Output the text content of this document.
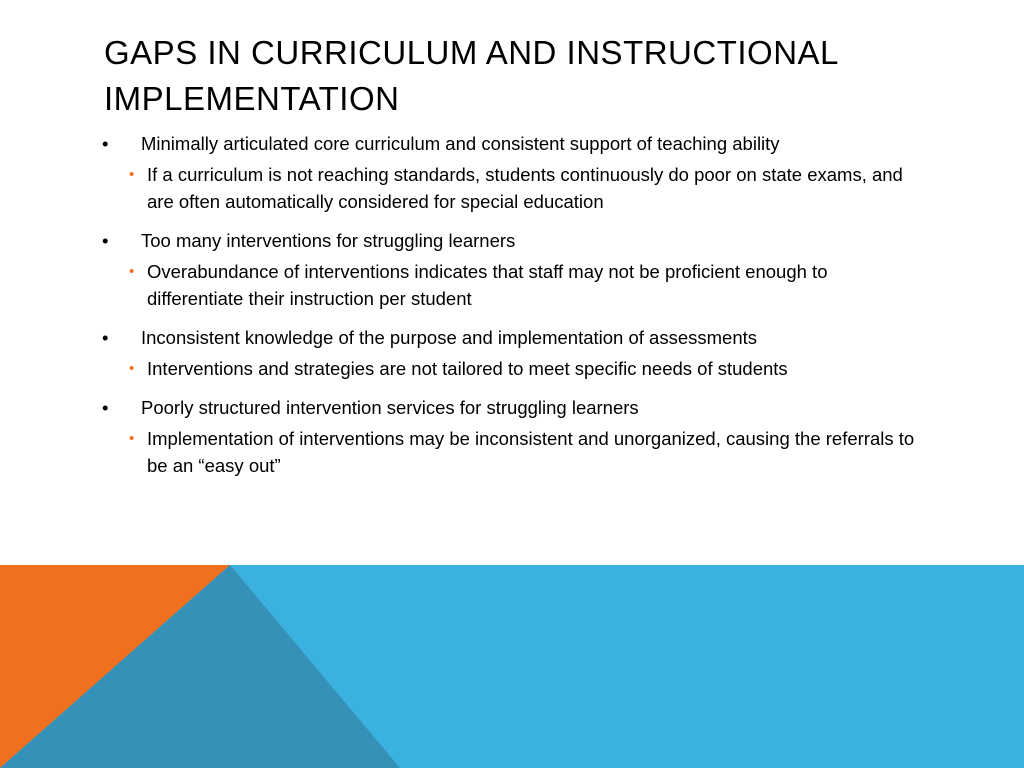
GAPS IN CURRICULUM AND INSTRUCTIONAL IMPLEMENTATION
• Minimally articulated core curriculum and consistent support of teaching ability
• If a curriculum is not reaching standards, students continuously do poor on state exams, and are often automatically considered for special education
• Too many interventions for struggling learners
• Overabundance of interventions indicates that staff may not be proficient enough to differentiate their instruction per student
• Inconsistent knowledge of the purpose and implementation of assessments
• Interventions and strategies are not tailored to meet specific needs of students
• Poorly structured intervention services for struggling learners
• Implementation of interventions may be inconsistent and unorganized, causing the referrals to be an “easy out”
